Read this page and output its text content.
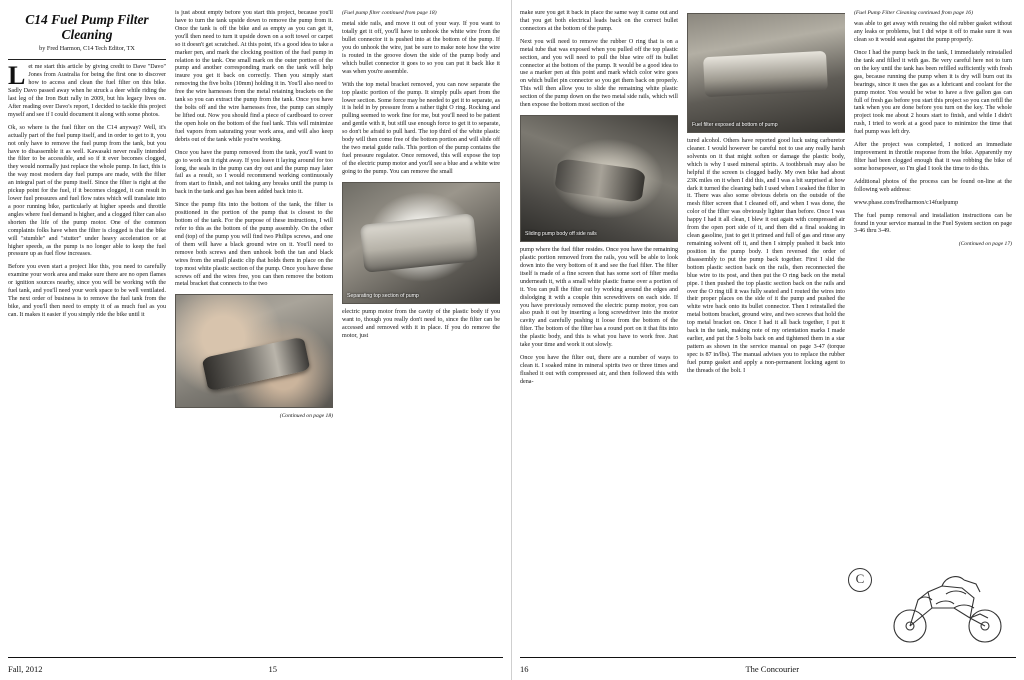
C14 Fuel Pump Filter Cleaning
by Fred Harmon, C14 Tech Editor, TX

L et me start this article by giving credit to Dave "Davo" Jones from Australia for being the first one to discover how to access and clean the fuel filter on this bike. Sadly Davo passed away when he struck a deer while riding the last leg of the Iron Butt rally in 2009, but his legacy lives on. After reading over Davo's report, I decided to tackle this project myself and see if I could document it along with some photos.

Ok, so where is the fuel filter on the C14 anyway? Well, it's actually part of the fuel pump itself, and in order to get to it, you not only have to remove the fuel pump from the tank, but you have to disassemble it as well. Kawasaki never really intended the filter to be accessible, and so if it ever becomes clogged, they would normally just replace the whole pump. In fact, this is the way most modern day fuel pumps are made, with the filter an integral part of the pump itself. Since the filter is right at the pickup point for the fuel, if it becomes clogged, it can result in lower fuel pressures and fuel flow rates which will translate into a poor running bike, particularly at higher speeds and throttle angles where fuel demand is higher, and a clogged filter can also shorten the life of the pump motor. One of the common complaints folks have when the filter is clogged is that the bike will "stumble" and "stutter" under heavy acceleration or at higher speeds, as the pump is no longer able to keep the fuel pressure up as fuel flow increases.

Before you even start a project like this, you need to carefully examine your work area and make sure there are no open flames or ignition sources nearby, since you will be working with the fuel tank, and you'll need your work space to be well ventilated. The next order of business is to remove the fuel tank from the bike, and you'll then need to empty it of as much fuel as you can. It makes it easier if you simply ride the bike until it

is just about empty before you start this project, because you'll have to turn the tank upside down to remove the pump from it. Once the tank is off the bike and as empty as you can get it, you'll then need to turn it upside down on a soft towel or carpet so it doesn't get scratched. At this point, it's a good idea to take a marker pen, and mark the clocking position of the fuel pump in relation to the tank. One small mark on the outer portion of the pump and another corresponding mark on the tank will help insure you get it back on correctly. Then you simply start removing the five bolts (10mm) holding it in. You'll also need to free the wire harnesses from the metal retaining brackets on the tank so you can extract the pump from the tank. Once you have the bolts off and the wire harnesses free, the pump can simply be lifted out. Now you should find a piece of cardboard to cover the open hole on the bottom of the fuel tank. This will minimize fuel vapors from saturating your work area, and will also keep debris out of the tank while you're working.

Once you have the pump removed from the tank, you'll want to go to work on it right away. If you leave it laying around for too long, the seals in the pump can dry out and the pump may later fail as a result, so I would recommend working continuously from start to finish, and not taking any breaks until the pump is back in the tank and gas has been added back into it.

Since the pump fits into the bottom of the tank, the filter is positioned in the portion of the pump that is closest to the bottom of the tank. For the purpose of these instructions, I will refer to this as the bottom of the pump assembly. On the other end (top) of the pump you will find two Philips screws, and one of them will have a black ground wire on it. You'll need to remove both screws and then unhook both the tan and black wires from the small plastic clip that holds them in place on the top most white plastic section of the pump. Once you have these screws off and the wires free, you can then remove the bottom metal bracket that connects to the two

(Continued on page 18)
(Fuel pump filter continued from page 18)

metal side rails, and move it out of your way. If you want to totally get it off, you'll have to unhook the white wire from the bullet connector it is pushed into at the bottom of the pump. If you do unhook the wire, just be sure to make note how the wire is routed in the groove down the side of the pump body and which bullet connector it goes to so you can put it back like it was when you're assemble.

With the top metal bracket removed, you can now separate the top plastic portion of the pump. It simply pulls apart from the lower section. Some force may be needed to get it to separate, as it is held in by pressure from a rather tight O ring. Rocking and pulling seemed to work fine for me, but you'll need to be patient and gentle with it, but still use enough force to get it to separate, so don't be afraid to pull hard. The top third of the white plastic body will then come free of the bottom portion and will slide off the two metal guide rails. This portion of the pump contains the fuel pressure regulator. Once removed, this will expose the top of the electric pump motor and you'll see a blue and a white wire going to the pump. You can remove the small

Separating top section of pump

electric pump motor from the cavity of the plastic body if you want to, though you really don't need to, since the filter can be accessed and removed with it in place. If you do remove the motor, just

Fall, 2012	15

make sure you get it back in place the same way it came out and that you get both electrical leads back on the correct bullet connectors at the bottom of the pump.

Next you will need to remove the rubber O ring that is on a metal tube that was exposed when you pulled off the top plastic section, and you will need to pull the blue wire off its bullet connector at the bottom of the pump. It would be a good idea to use a marker pen at this point and mark which color wire goes on which bullet pin connector so you get them back on properly. This will then allow you to slide the remaining white plastic section of the pump down on the two metal side rails, which will then expose the bottom most section of the

Sliding pump body off side rails

pump where the fuel filter resides. Once you have the remaining plastic portion removed from the rails, you will be able to look down into the very bottom of it and see the fuel filter. The filter itself is made of a fine screen that has some sort of filter media underneath it, with a small white plastic frame over a portion of it. You can pull the filter out by working around the edges and dislodging it with a couple thin screwdrivers on each side. If you have previously removed the electric pump motor, you can also push it out by inserting a long screwdriver into the motor cavity and carefully pushing it loose from the bottom of the filter. The bottom of the filter has a round port on it that fits into the plastic body, and this is what you have to work free. Just take your time and work it out slowly.

Once you have the filter out, there are a number of ways to clean it. I soaked mine in mineral spirits two or three times and flushed it out with compressed air, and then followed this with dena-

Fuel filter exposed at bottom of pump

tured alcohol. Others have reported good luck using carburetor cleaner. I would however be careful not to use any really harsh solvents on it that might soften or damage the plastic body, which is why I used mineral spirits. A toothbrush may also be helpful if the screen is clogged badly. My own bike had about 23K miles on it when I did this, and I was a bit surprised at how dark it turned the cleaning bath I used when I soaked the filter in it. There was also some obvious debris on the outside of the mesh filter screen that I cleaned off, and when I was done, the color of the filter was obviously lighter than before. Once I was happy I had it all clean, I blew it out again with compressed air from the open port side of it, and then did a final soaking in clean gasoline, just to get it primed and full of gas and rinse any remaining solvent off it, and then I simply pushed it back into position in the pump body. I then reversed the order of disassembly to put the pump back together. First I slid the bottom plastic section back on the rails, then reconnected the blue wire to its post, and then put the O ring back on the metal pipe. I then pushed the top plastic section back on the rails and over the O ring till it was fully seated and I routed the wires into their proper places on the side of it the pump and pushed the white wire back onto its bullet connector. Then I reinstalled the metal bottom bracket, ground wire, and two screws that hold the top metal bracket on. Once I had it all back together, I put it back in the tank, making note of my orientation marks I made earlier, and put the 5 bolts back on and tightened them in a star pattern as shown in the service manual on page 3-47 (torque spec is 87 in/lbs). The manual advises you to replace the rubber fuel pump gasket and apply a non-permanent locking agent to the threads of the bolt. I

(Fuel Pump Filter Cleaning continued from page 16)

was able to get away with reusing the old rubber gasket without any leaks or problems, but I did wipe it off to make sure it was clean so it would seat against the pump properly.

Once I had the pump back in the tank, I immediately reinstalled the tank and filled it with gas. Be very careful here not to turn on the key until the tank has been refilled sufficiently with fresh gas, because running the pump when it is dry will burn out its bearings, since it uses the gas as a lubricant and coolant for the pump motor. You would be wise to have a five gallon gas can full of fresh gas before you start this project so you can refill the tank when you are done before you turn on the key. The whole project took me about 2 hours start to finish, and while I didn't rush, I tried to work at a good pace to minimize the time that fuel pump was left dry.

After the project was completed, I noticed an immediate improvement in throttle response from the bike. Apparently my filter had been clogged enough that it was robbing the bike of some horsepower, so I'm glad I took the time to do this.

Additional photos of the process can be found on-line at the following web address:

www.phase.com/fredharmon/c14fuelpump

The fuel pump removal and installation instructions can be found in your service manual in the Fuel System section on page 3-46 thru 3-49.

(Continued on page 17)
C
16	The Concourier
